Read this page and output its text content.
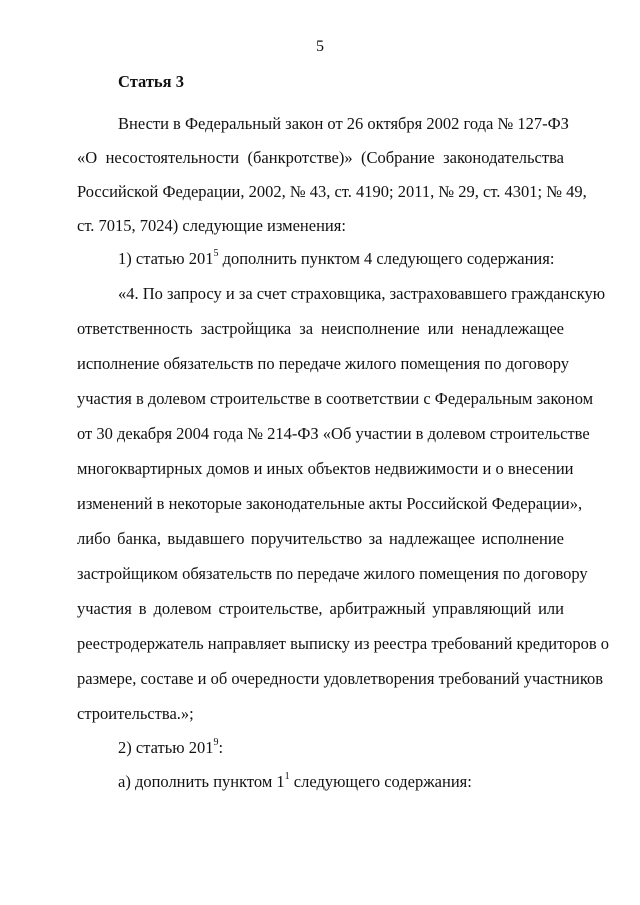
5
Статья 3
Внести в Федеральный закон от 26 октября 2002 года № 127-ФЗ
«О несостоятельности (банкротстве)» (Собрание законодательства
Российской Федерации, 2002, № 43, ст. 4190; 2011, № 29, ст. 4301; № 49,
ст. 7015, 7024) следующие изменения:
1) статью $201^5$ дополнить пунктом 4 следующего содержания:
«4. По запросу и за счет страховщика, застраховавшего гражданскую
ответственность застройщика за неисполнение или ненадлежащее
исполнение обязательств по передаче жилого помещения по договору
участия в долевом строительстве в соответствии с Федеральным законом
от 30 декабря 2004 года № 214-ФЗ «Об участии в долевом строительстве
многоквартирных домов и иных объектов недвижимости и о внесении
изменений в некоторые законодательные акты Российской Федерации»,
либо банка, выдавшего поручительство за надлежащее исполнение
застройщиком обязательств по передаче жилого помещения по договору
участия в долевом строительстве, арбитражный управляющий или
реестродержатель направляет выписку из реестра требований кредиторов о
размере, составе и об очередности удовлетворения требований участников
строительства.»;
2) статью $201^9$:
а) дополнить пунктом $1^1$ следующего содержания:
